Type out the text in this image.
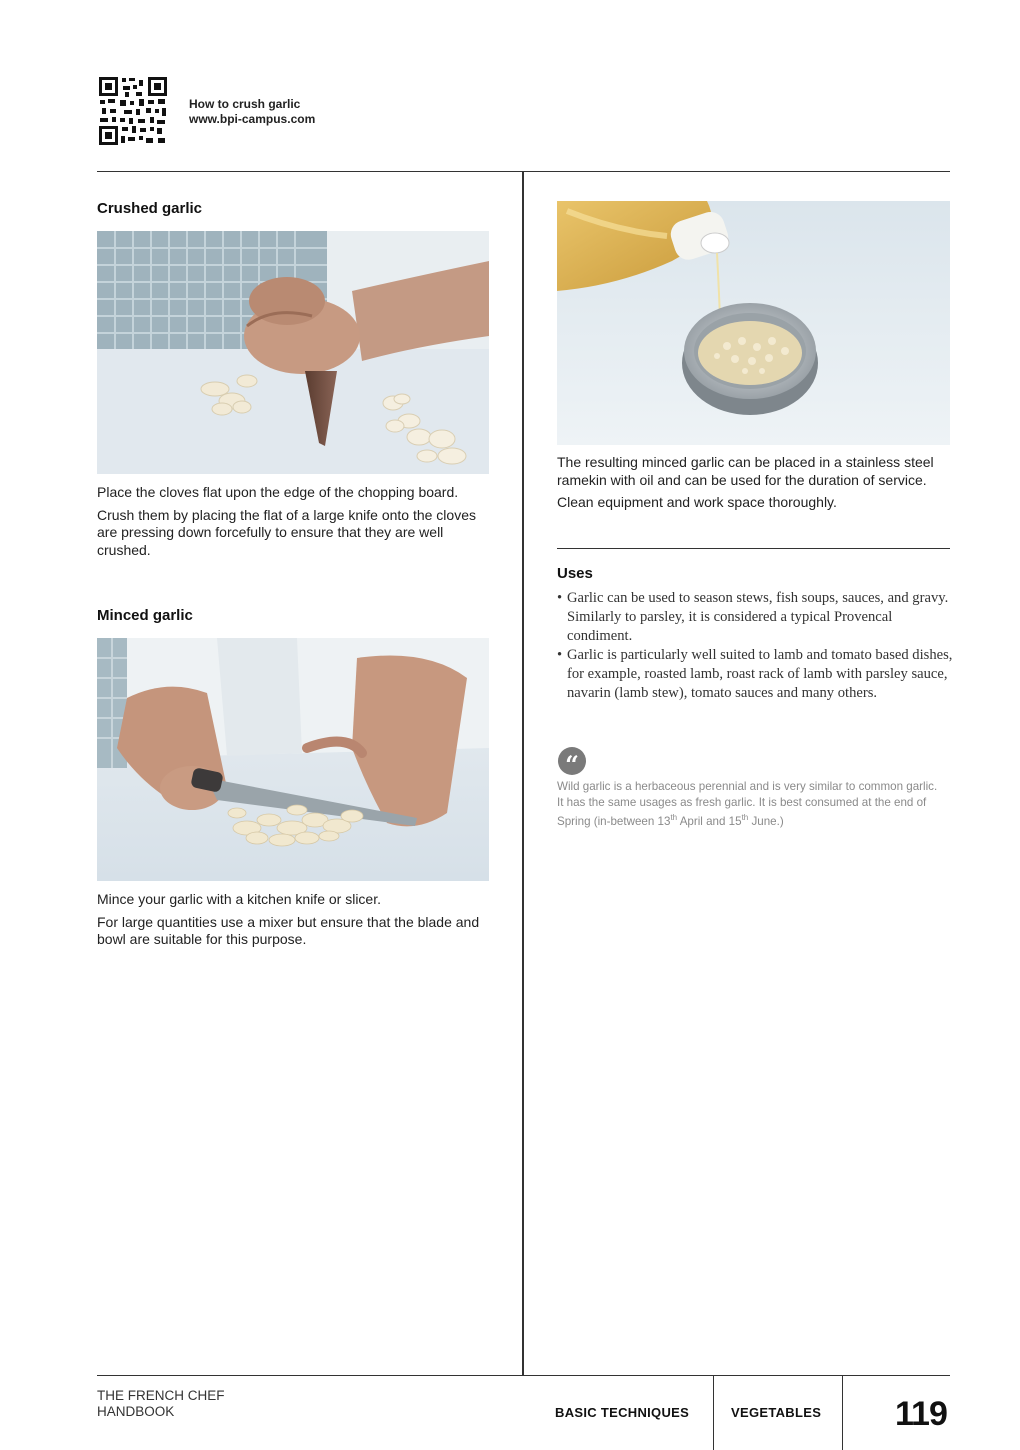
How to crush garlic
www.bpi-campus.com
Crushed garlic

Place the cloves flat upon the edge of the chopping board.

Crush them by placing the flat of a large knife onto the cloves are pressing down forcefully to ensure that they are well crushed.

Minced garlic

Mince your garlic with a kitchen knife or slicer.

For large quantities use a mixer but ensure that the blade and bowl are suitable for this purpose.

The resulting minced garlic can be placed in a stainless steel ramekin with oil and can be used for the duration of service.

Clean equipment and work space thoroughly.

Uses
• Garlic can be used to season stews, fish soups, sauces, and gravy. Similarly to parsley, it is considered a typical Provencal condiment.
• Garlic is particularly well suited to lamb and tomato based dishes, for example, roasted lamb, roast rack of lamb with parsley sauce, navarin (lamb stew), tomato sauces and many others.
“
Wild garlic is a herbaceous perennial and is very similar to common garlic.
It has the same usages as fresh garlic. It is best consumed at the end of Spring (in-between 13th April and 15th June.)
THE FRENCH CHEF
HANDBOOK	BASIC TECHNIQUES	VEGETABLES 119
